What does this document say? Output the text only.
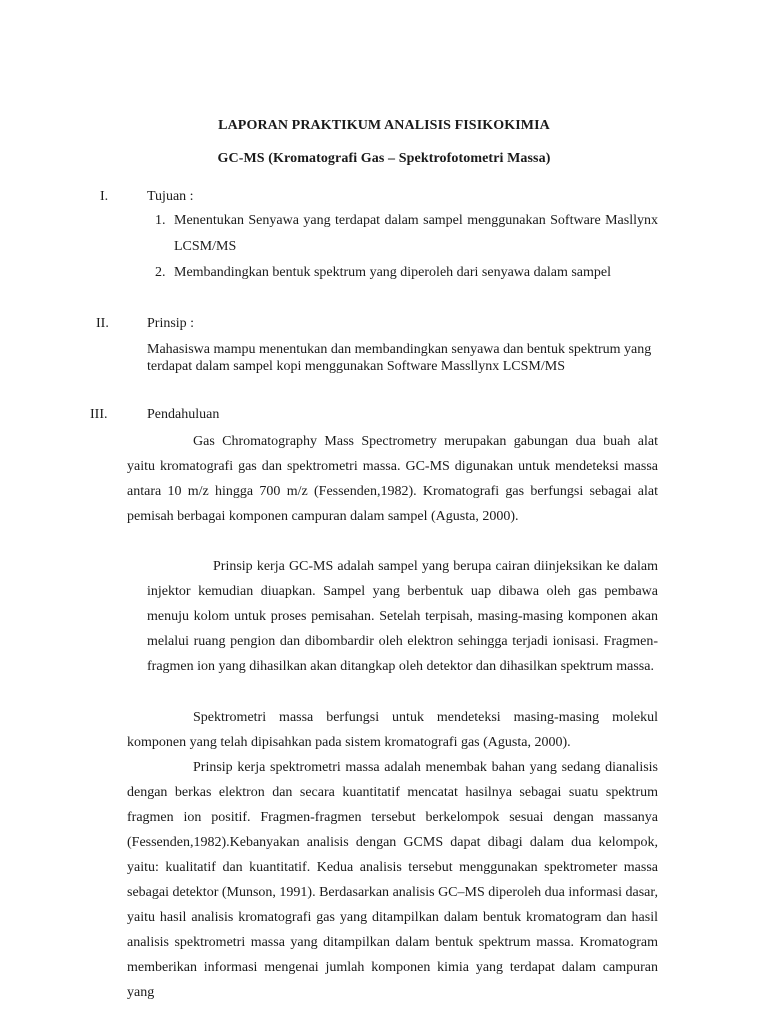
LAPORAN PRAKTIKUM ANALISIS FISIKOKIMIA
GC-MS (Kromatografi Gas – Spektrofotometri Massa)
I.	Tujuan :
1. Menentukan Senyawa yang terdapat dalam sampel menggunakan Software Masllynx LCSM/MS
2. Membandingkan bentuk spektrum yang diperoleh dari senyawa dalam sampel
II.	Prinsip :

Mahasiswa mampu menentukan dan membandingkan senyawa dan bentuk spektrum yang terdapat dalam sampel kopi menggunakan Software Massllynx LCSM/MS

III.	Pendahuluan

Gas Chromatography Mass Spectrometry merupakan gabungan dua buah alat yaitu kromatografi gas dan spektrometri massa. GC-MS digunakan untuk mendeteksi massa antara 10 m/z hingga 700 m/z (Fessenden,1982). Kromatografi gas berfungsi sebagai alat pemisah berbagai komponen campuran dalam sampel (Agusta, 2000).

Prinsip kerja GC-MS adalah sampel yang berupa cairan diinjeksikan ke dalam injektor kemudian diuapkan. Sampel yang berbentuk uap dibawa oleh gas pembawa menuju kolom untuk proses pemisahan. Setelah terpisah, masing-masing komponen akan melalui ruang pengion dan dibombardir oleh elektron sehingga terjadi ionisasi. Fragmen-fragmen ion yang dihasilkan akan ditangkap oleh detektor dan dihasilkan spektrum massa.

Spektrometri massa berfungsi untuk mendeteksi masing-masing molekul komponen yang telah dipisahkan pada sistem kromatografi gas (Agusta, 2000).

Prinsip kerja spektrometri massa adalah menembak bahan yang sedang dianalisis dengan berkas elektron dan secara kuantitatif mencatat hasilnya sebagai suatu spektrum fragmen ion positif. Fragmen-fragmen tersebut berkelompok sesuai dengan massanya (Fessenden,1982).Kebanyakan analisis dengan GCMS dapat dibagi dalam dua kelompok, yaitu: kualitatif dan kuantitatif. Kedua analisis tersebut menggunakan spektrometer massa sebagai detektor (Munson, 1991). Berdasarkan analisis GC–MS diperoleh dua informasi dasar, yaitu hasil analisis kromatografi gas yang ditampilkan dalam bentuk kromatogram dan hasil analisis spektrometri massa yang ditampilkan dalam bentuk spektrum massa. Kromatogram memberikan informasi mengenai jumlah komponen kimia yang terdapat dalam campuran yang
